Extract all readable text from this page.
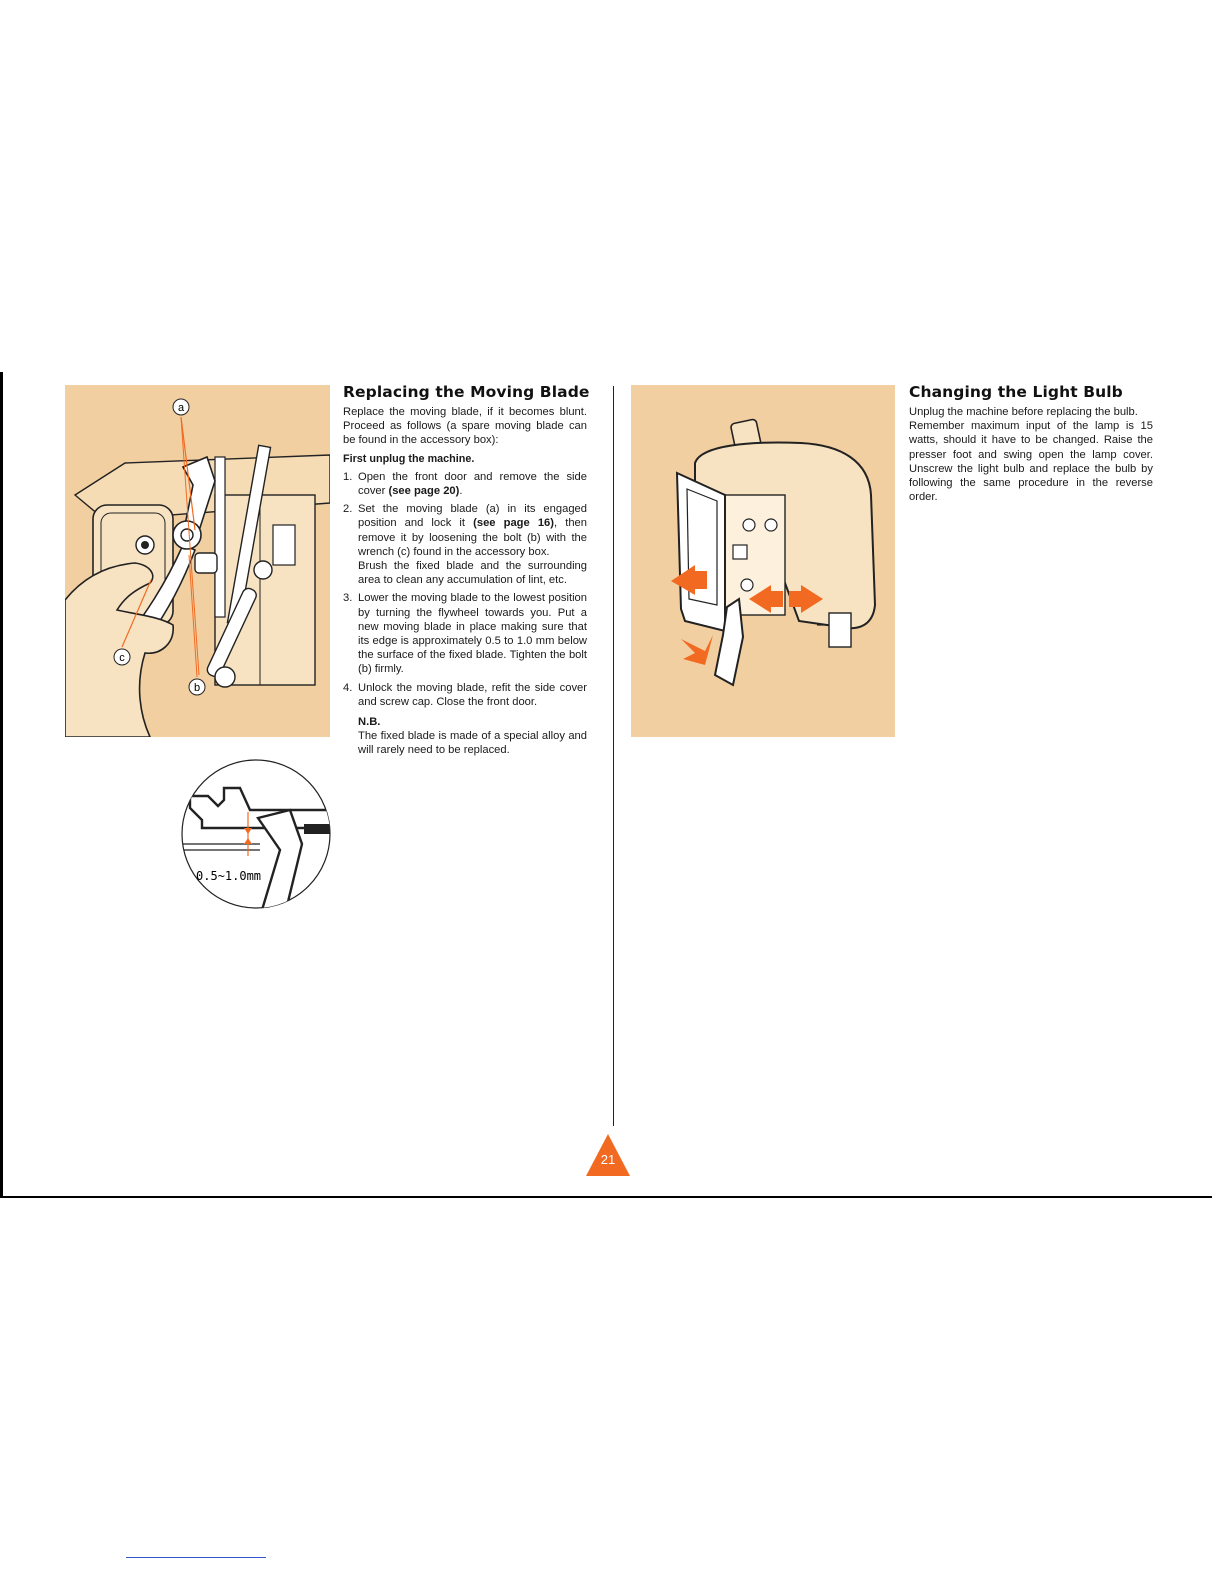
a
c
b
0.5~1.0mm
Replacing the Moving Blade

Replace the moving blade, if it becomes blunt. Proceed as follows (a spare moving blade can be found in the accessory box):

First unplug the machine.

1. Open the front door and remove the side cover (see page 20).
2. Set the moving blade (a) in its engaged position and lock it (see page 16), then remove it by loosening the bolt (b) with the wrench (c) found in the accessory box.
Brush the fixed blade and the surrounding area to clean any accumulation of lint, etc.
3. Lower the moving blade to the lowest position by turning the flywheel towards you. Put a new moving blade in place making sure that its edge is approximately 0.5 to 1.0 mm below the surface of the fixed blade. Tighten the bolt (b) firmly.
4. Unlock the moving blade, refit the side cover and screw cap. Close the front door.
N.B.
The fixed blade is made of a special alloy and will rarely need to be replaced.
Changing the Light Bulb

Unplug the machine before replacing the bulb.

Remember maximum input of the lamp is 15 watts, should it have to be changed. Raise the presser foot and swing open the lamp cover. Unscrew the light bulb and replace the bulb by following the same procedure in the reverse order.

21
